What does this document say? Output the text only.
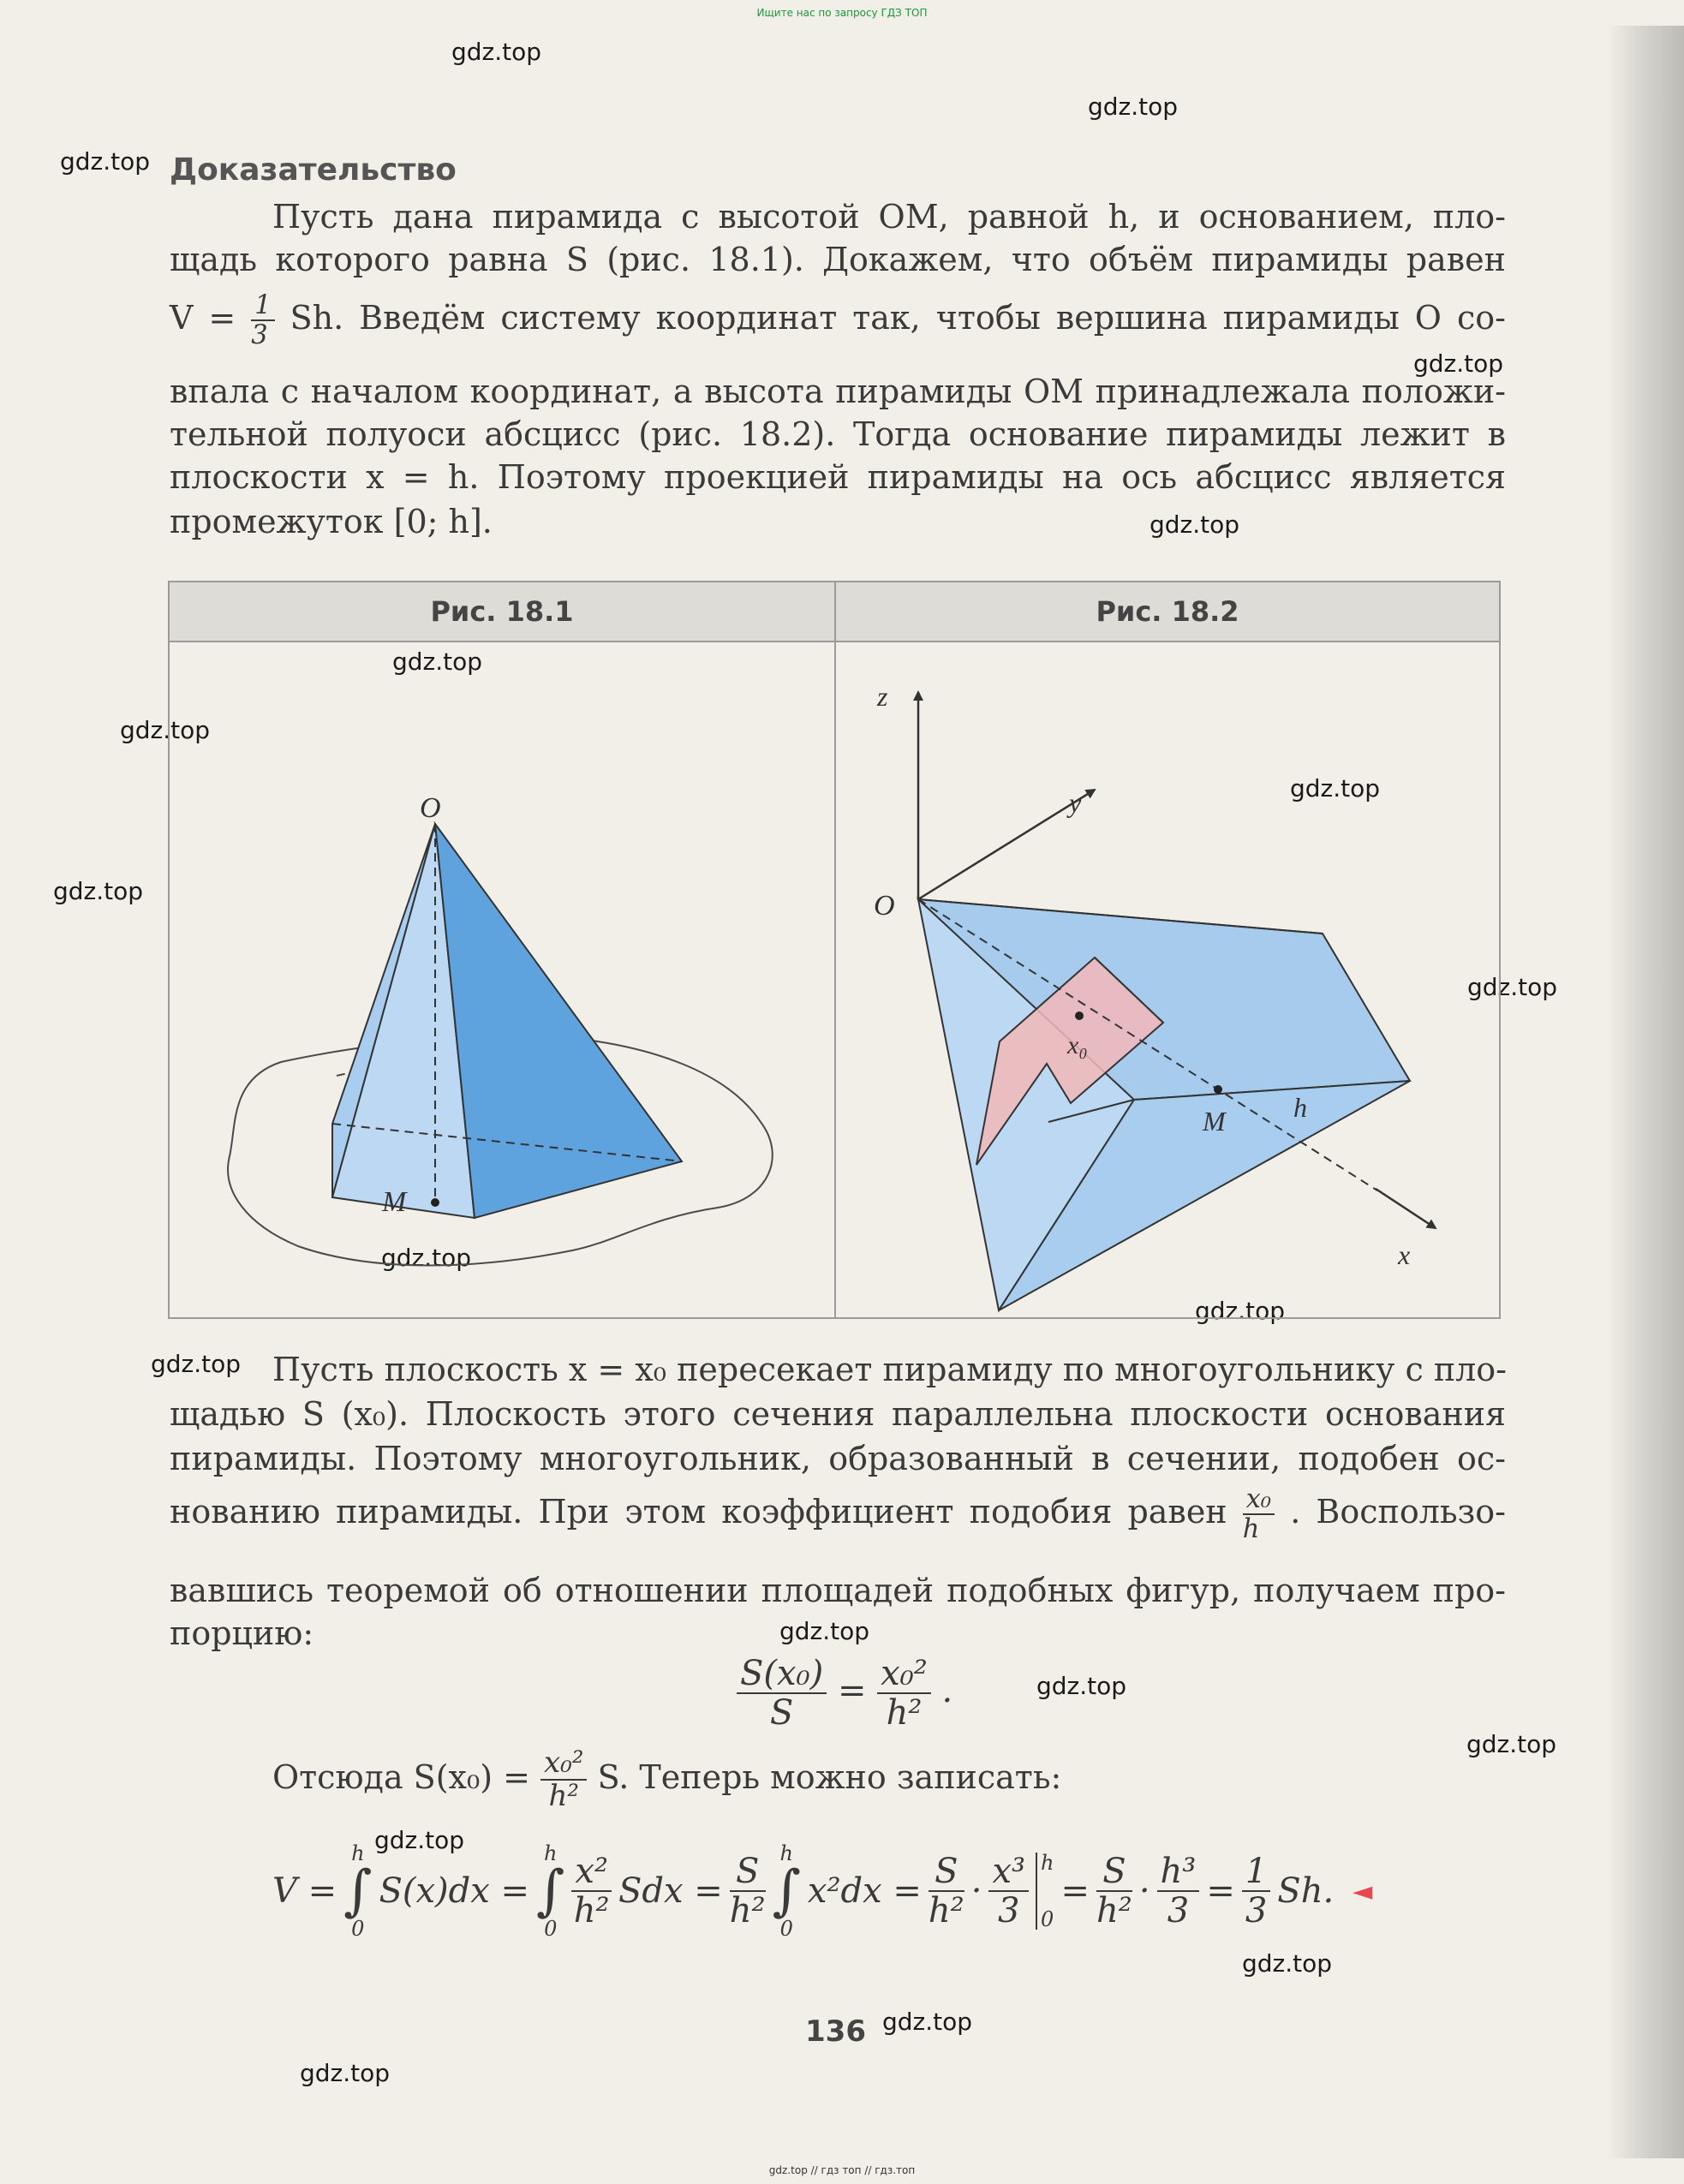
Ищите нас по запросу ГДЗ ТОП
gdz.top
gdz.top
gdz.top
gdz.top
gdz.top
gdz.top
gdz.top
gdz.top
gdz.top
gdz.top
gdz.top
gdz.top
gdz.top
gdz.top
gdz.top
gdz.top
gdz.top
gdz.top
gdz.top
gdz.top
Доказательство
Пусть дана пирамида с высотой OM, равной h, и основанием, пло-
щадь которого равна S (рис. 18.1). Докажем, что объём пирамиды равен
$V = \frac{1}{3} Sh$. Введём систему координат так, чтобы вершина пирамиды O со-
впала с началом координат, а высота пирамиды OM принадлежала положи-
тельной полуоси абсцисс (рис. 18.2). Тогда основание пирамиды лежит в
плоскости x = h. Поэтому проекцией пирамиды на ось абсцисс является
промежуток [0; h].
Рис. 18.1	Рис. 18.2
O
M
z
y
O
x₀
h
M
x
Пусть плоскость x = x₀ пересекает пирамиду по многоугольнику с пло-
щадью S (x₀). Плоскость этого сечения параллельна плоскости основания
пирамиды. Поэтому многоугольник, образованный в сечении, подобен ос-
нованию пирамиды. При этом коэффициент подобия равен $\frac{\text{x₀}}{h}$ . Воспользо-
вавшись теоремой об отношении площадей подобных фигур, получаем про-
порцию:
$\frac{\text{S(x₀)}}{S} = \frac{\text{x₀²}}{\text{h²}}$ .
Отсюда $S(x_0) = \frac{\text{x₀²}}{\text{h²}} S$. Теперь можно записать:
V =
h
∫
0
S(x)dx =
h
∫
$0 \frac{\text{x²}}{\text{h²}}$ Sdx = $\frac{S}{\text{h²}}$ h
∫
0
$x^2dx = \frac{S}{\text{h²}} \cdot \frac{\text{x³}}{3}$ h
0
= $\frac{S}{\text{h²}} \cdot \frac{\text{h³}}{3} = \frac{1}{3} Sh$. ◄
136
gdz.top // гдз топ // гдз.топ
